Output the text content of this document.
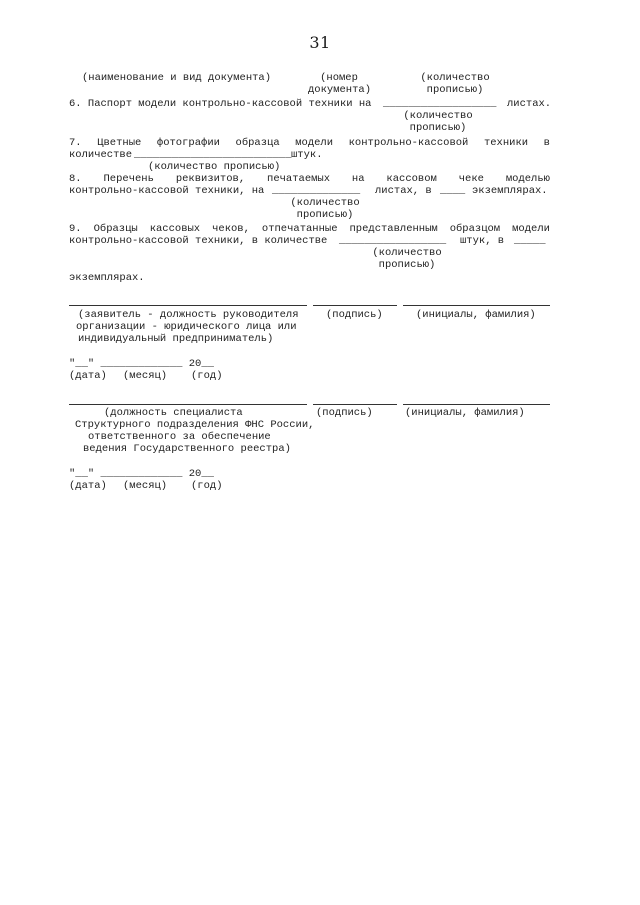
31
(наименование и вид документа)	(номер
документа)
(количество
прописью)
6. Паспорт модели контрольно-кассовой техники на __________________ листах.
(количество
прописью)
7. Цветные фотографии образца модели контрольно-кассовой техники в
количестве _________________________ штук.
(количество прописью)
8. Перечень реквизитов, печатаемых на кассовом чеке моделью
контрольно-кассовой техники, на ______________ листах, в ____ экземплярах.
(количество
прописью)
9. Образцы кассовых чеков, отпечатанные представленным образцом модели
контрольно-кассовой техники, в количестве _________________ штук, в _____
(количество
прописью)
экземплярах.
(заявитель - должность руководителя	(подпись)	(инициалы, фамилия)
организации - юридического лица или
индивидуальный предприниматель)
"__" _____________ 20__
(дата) (месяц) (год)
(должность специалиста	(подпись)	(инициалы, фамилия)
Структурного подразделения ФНС России,
ответственного за обеспечение
ведения Государственного реестра)
"__" _____________ 20__
(дата) (месяц) (год)
